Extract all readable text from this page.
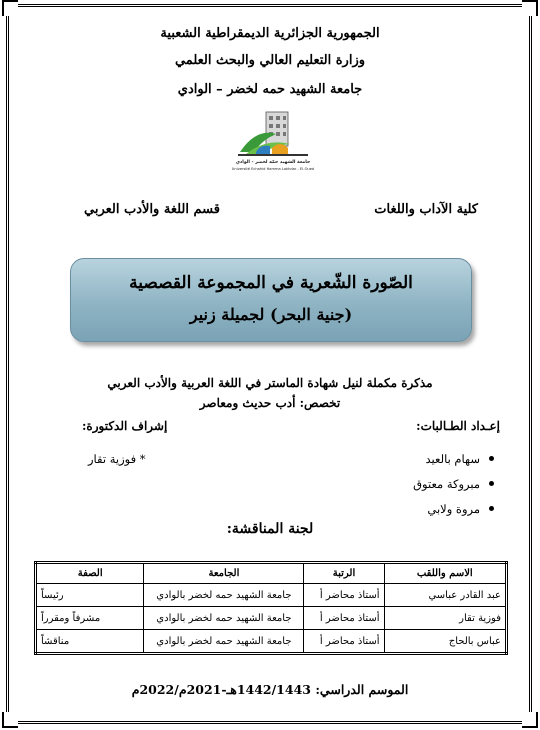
الجمهورية الجزائرية الديمقراطية الشعبية
وزارة التعليم العالي والبحث العلمي
جامعة الشهيد حمه لخضر – الوادي
جامعة الشهيد حمّه لخضر - الوادي
Université Echahid Hamma Lakhdar - El-Oued
كلية الآداب واللغات
قسم اللغة والأدب العربي
الصّورة الشّعرية في المجموعة القصصية
(جنية البحر) لجميلة زنير
مذكرة مكملة لنيل شهادة الماستر في اللغة العربية والأدب العربي
تخصص: أدب حديث ومعاصر
إعـداد الطـالبات:
إشراف الدكتورة:
سهام بالعيد
مبروكة معتوق
مروة ولابي
* فوزية تقار
لجنة المناقشة:
الاسم واللقب	الرتبة	الجامعة	الصفة
عبد القادر عباسي	أستاذ محاضر أ	جامعة الشهيد حمه لخضر بالوادي	رئيساً
فوزية تقار	أستاذ محاضر أ	جامعة الشهيد حمه لخضر بالوادي	مشرفاً ومقرراً
عباس بالحاج	أستاذ محاضر أ	جامعة الشهيد حمه لخضر بالوادي	مناقشاً
الموسم الدراسي: 1442/1443هـ-2021م/2022م
